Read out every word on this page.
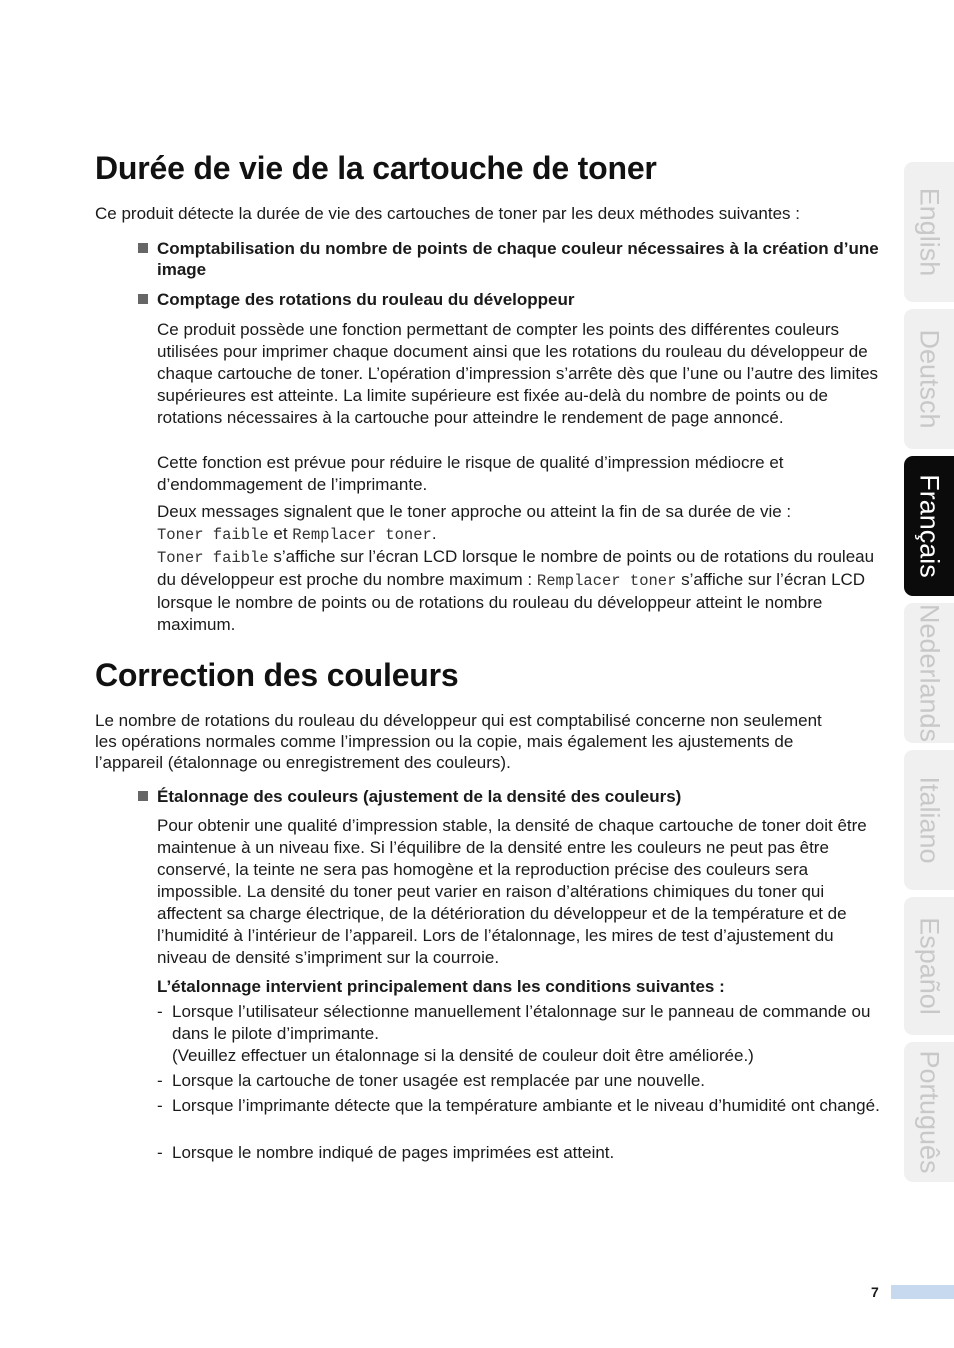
Durée de vie de la cartouche de toner

Ce produit détecte la durée de vie des cartouches de toner par les deux méthodes suivantes :

Comptabilisation du nombre de points de chaque couleur nécessaires à la création d’une image
Comptage des rotations du rouleau du développeur

Ce produit possède une fonction permettant de compter les points des différentes couleurs utilisées pour imprimer chaque document ainsi que les rotations du rouleau du développeur de chaque cartouche de toner. L’opération d’impression s’arrête dès que l’une ou l’autre des limites supérieures est atteinte. La limite supérieure est fixée au-delà du nombre de points ou de rotations nécessaires à la cartouche pour atteindre le rendement de page annoncé.

Cette fonction est prévue pour réduire le risque de qualité d’impression médiocre et d’endommagement de l’imprimante.

Deux messages signalent que le toner approche ou atteint la fin de sa durée de vie :
Toner faible et Remplacer toner.
Toner faible s’affiche sur l’écran LCD lorsque le nombre de points ou de rotations du rouleau du développeur est proche du nombre maximum : Remplacer toner s’affiche sur l’écran LCD lorsque le nombre de points ou de rotations du rouleau du développeur atteint le nombre maximum.

Correction des couleurs

Le nombre de rotations du rouleau du développeur qui est comptabilisé concerne non seulement les opérations normales comme l’impression ou la copie, mais également les ajustements de l’appareil (étalonnage ou enregistrement des couleurs).

Étalonnage des couleurs (ajustement de la densité des couleurs)

Pour obtenir une qualité d’impression stable, la densité de chaque cartouche de toner doit être maintenue à un niveau fixe. Si l’équilibre de la densité entre les couleurs ne peut pas être conservé, la teinte ne sera pas homogène et la reproduction précise des couleurs sera impossible. La densité du toner peut varier en raison d’altérations chimiques du toner qui affectent sa charge électrique, de la détérioration du développeur et de la température et de l’humidité à l’intérieur de l’appareil. Lors de l’étalonnage, les mires de test d’ajustement du niveau de densité s’impriment sur la courroie.

L’étalonnage intervient principalement dans les conditions suivantes :

- Lorsque l’utilisateur sélectionne manuellement l’étalonnage sur le panneau de commande ou dans le pilote d’imprimante.
(Veuillez effectuer un étalonnage si la densité de couleur doit être améliorée.)
- Lorsque la cartouche de toner usagée est remplacée par une nouvelle.
- Lorsque l’imprimante détecte que la température ambiante et le niveau d’humidité ont changé.
- Lorsque le nombre indiqué de pages imprimées est atteint.
English
Deutsch
Français
Nederlands
Italiano
Español
Português
7
